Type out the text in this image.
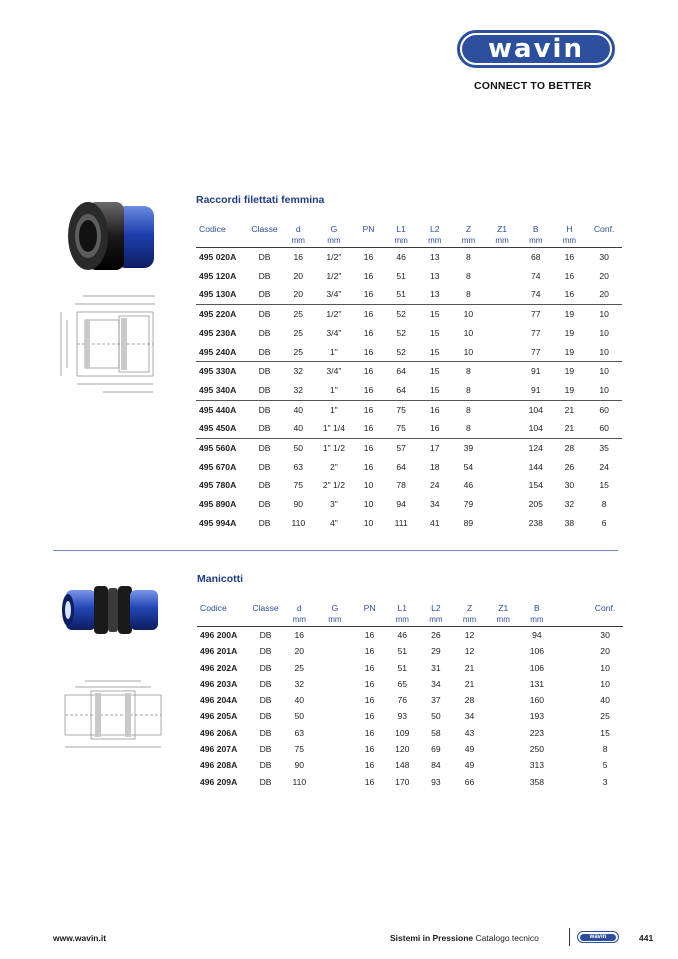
wavin
CONNECT TO BETTER
Raccordi filettati femmina
Codice	Classe	d	G	PN	L1	L2	Z	Z1	B	H	Conf.
		mm	mm		mm	mm	mm	mm	mm	mm	
495 020A	DB	16	1/2"	16	46	13	8		68	16	30
495 120A	DB	20	1/2"	16	51	13	8		74	16	20
495 130A	DB	20	3/4"	16	51	13	8		74	16	20
495 220A	DB	25	1/2"	16	52	15	10		77	19	10
495 230A	DB	25	3/4"	16	52	15	10		77	19	10
495 240A	DB	25	1"	16	52	15	10		77	19	10
495 330A	DB	32	3/4"	16	64	15	8		91	19	10
495 340A	DB	32	1"	16	64	15	8		91	19	10
495 440A	DB	40	1"	16	75	16	8		104	21	60
495 450A	DB	40	1" 1/4	16	75	16	8		104	21	60
495 560A	DB	50	1" 1/2	16	57	17	39		124	28	35
495 670A	DB	63	2"	16	64	18	54		144	26	24
495 780A	DB	75	2" 1/2	10	78	24	46		154	30	15
495 890A	DB	90	3"	10	94	34	79		205	32	8
495 994A	DB	110	4"	10	111	41	89		238	38	6
Manicotti
Codice	Classe	d	G	PN	L1	L2	Z	Z1	B		Conf.
		mm	mm		mm	mm	mm	mm	mm		
496 200A	DB	16		16	46	26	12		94		30
496 201A	DB	20		16	51	29	12		106		20
496 202A	DB	25		16	51	31	21		106		10
496 203A	DB	32		16	65	34	21		131		10
496 204A	DB	40		16	76	37	28		160		40
496 205A	DB	50		16	93	50	34		193		25
496 206A	DB	63		16	109	58	43		223		15
496 207A	DB	75		16	120	69	49		250		8
496 208A	DB	90		16	148	84	49		313		5
496 209A	DB	110		16	170	93	66		358		3
www.wavin.it	Sistemi in Pressione Catalogo tecnico	wavin	441
